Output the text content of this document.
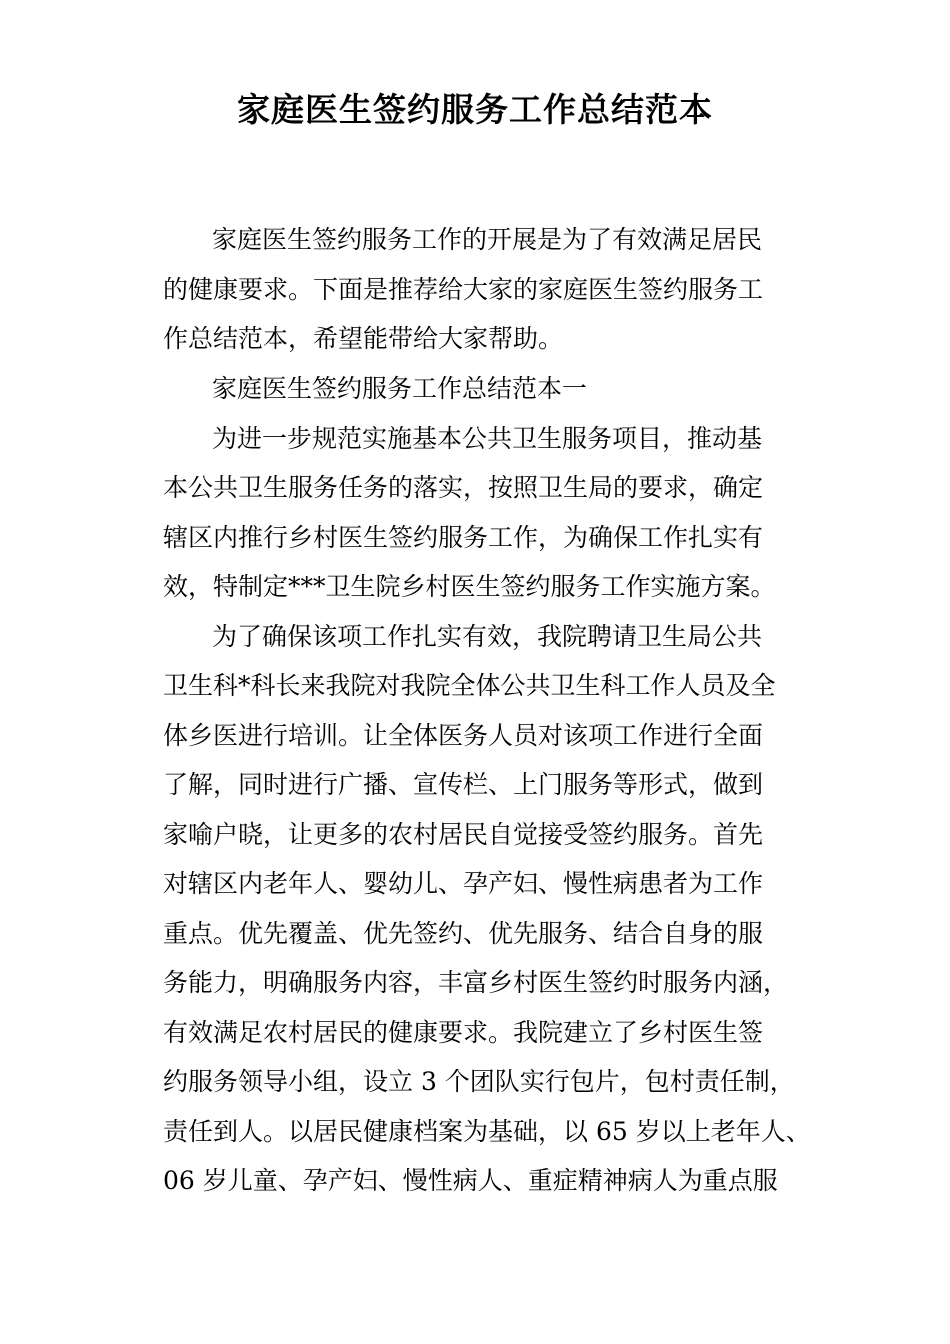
家庭医生签约服务工作总结范本
家庭医生签约服务工作的开展是为了有效满足居民
的健康要求。下面是推荐给大家的家庭医生签约服务工
作总结范本，希望能带给大家帮助。
家庭医生签约服务工作总结范本一
为进一步规范实施基本公共卫生服务项目，推动基
本公共卫生服务任务的落实，按照卫生局的要求，确定
辖区内推行乡村医生签约服务工作，为确保工作扎实有
效，特制定***卫生院乡村医生签约服务工作实施方案。
为了确保该项工作扎实有效，我院聘请卫生局公共
卫生科*科长来我院对我院全体公共卫生科工作人员及全
体乡医进行培训。让全体医务人员对该项工作进行全面
了解，同时进行广播、宣传栏、上门服务等形式，做到
家喻户晓，让更多的农村居民自觉接受签约服务。首先
对辖区内老年人、婴幼儿、孕产妇、慢性病患者为工作
重点。优先覆盖、优先签约、优先服务、结合自身的服
务能力，明确服务内容，丰富乡村医生签约时服务内涵，
有效满足农村居民的健康要求。我院建立了乡村医生签
约服务领导小组，设立 3 个团队实行包片，包村责任制，
责任到人。以居民健康档案为基础，以 65 岁以上老年人、
06 岁儿童、孕产妇、慢性病人、重症精神病人为重点服
